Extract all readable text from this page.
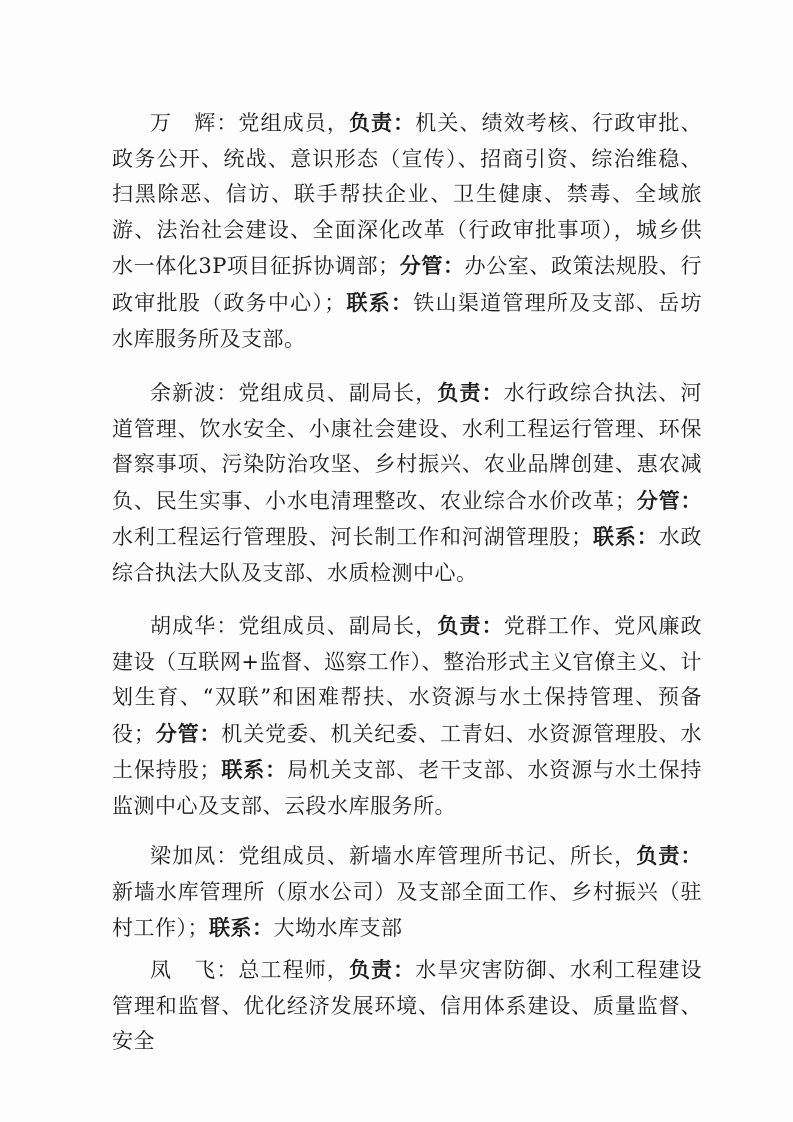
万　辉：党组成员，负责：机关、绩效考核、行政审批、政务公开、统战、意识形态（宣传）、招商引资、综治维稳、扫黑除恶、信访、联手帮扶企业、卫生健康、禁毒、全域旅游、法治社会建设、全面深化改革（行政审批事项），城乡供水一体化3P项目征拆协调部；分管：办公室、政策法规股、行政审批股（政务中心）；联系：铁山渠道管理所及支部、岳坊水库服务所及支部。

余新波：党组成员、副局长，负责：水行政综合执法、河道管理、饮水安全、小康社会建设、水利工程运行管理、环保督察事项、污染防治攻坚、乡村振兴、农业品牌创建、惠农减负、民生实事、小水电清理整改、农业综合水价改革；分管：水利工程运行管理股、河长制工作和河湖管理股；联系：水政综合执法大队及支部、水质检测中心。

胡成华：党组成员、副局长，负责：党群工作、党风廉政建设（互联网+监督、巡察工作）、整治形式主义官僚主义、计划生育、“双联”和困难帮扶、水资源与水土保持管理、预备役；分管：机关党委、机关纪委、工青妇、水资源管理股、水土保持股；联系：局机关支部、老干支部、水资源与水土保持监测中心及支部、云段水库服务所。

梁加凤：党组成员、新墙水库管理所书记、所长，负责：新墙水库管理所（原水公司）及支部全面工作、乡村振兴（驻村工作）；联系：大坳水库支部

凤　飞：总工程师，负责：水旱灾害防御、水利工程建设管理和监督、优化经济发展环境、信用体系建设、质量监督、安全
